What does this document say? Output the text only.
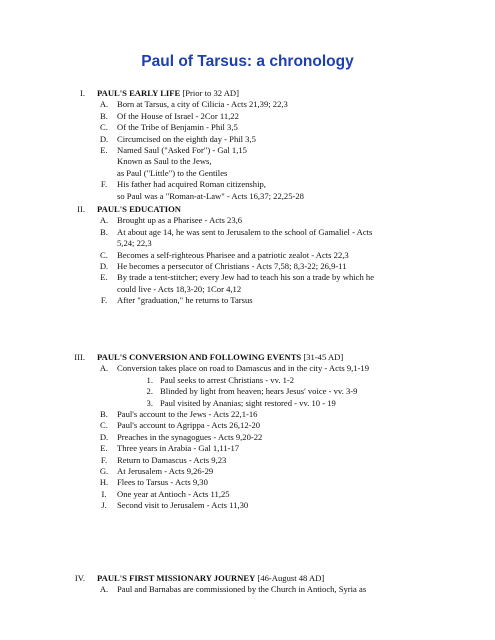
Paul of Tarsus: a chronology
I. PAUL'S EARLY LIFE [Prior to 32 AD]
A.	Born at Tarsus, a city of Cilicia - Acts 21,39; 22,3
B.	Of the House of Israel - 2Cor 11,22
C.	Of the Tribe of Benjamin - Phil 3,5
D.	Circumcised on the eighth day - Phil 3,5
E.	Named Saul ("Asked For") - Gal 1,15
Known as Saul to the Jews,
as Paul ("Little") to the Gentiles
F.	His father had acquired Roman citizenship,
so Paul was a "Roman-at-Law" - Acts 16,37; 22,25-28
II. PAUL'S EDUCATION
A.	Brought up as a Pharisee - Acts 23,6
B.	At about age 14, he was sent to Jerusalem to the school of Gamaliel - Acts
5,24; 22,3
C.	Becomes a self-righteous Pharisee and a patriotic zealot - Acts 22,3
D.	He becomes a persecutor of Christians - Acts 7,58; 8,3-22; 26,9-11
E.	By trade a tent-stitcher; every Jew had to teach his son a trade by which he
could live - Acts 18,3-20; 1Cor 4,12
F.	After "graduation," he returns to Tarsus
III. PAUL'S CONVERSION AND FOLLOWING EVENTS [31-45 AD]
A.	Conversion takes place on road to Damascus and in the city - Acts 9,1-19
1. Paul seeks to arrest Christians - vv. 1-2
2. Blinded by light from heaven; hears Jesus' voice - vv. 3-9
3. Paul visited by Ananias; sight restored - vv. 10 - 19
B.	Paul's account to the Jews - Acts 22,1-16
C.	Paul's account to Agrippa - Acts 26,12-20
D.	Preaches in the synagogues - Acts 9,20-22
E.	Three years in Arabia - Gal 1,11-17
F.	Return to Damascus - Acts 9,23
G.	At Jerusalem - Acts 9,26-29
H.	Flees to Tarsus - Acts 9,30
I.	One year at Antioch - Acts 11,25
J.	Second visit to Jerusalem - Acts 11,30
IV. PAUL'S FIRST MISSIONARY JOURNEY [46-August 48 AD]
A.	Paul and Barnabas are commissioned by the Church in Antioch, Syria as
